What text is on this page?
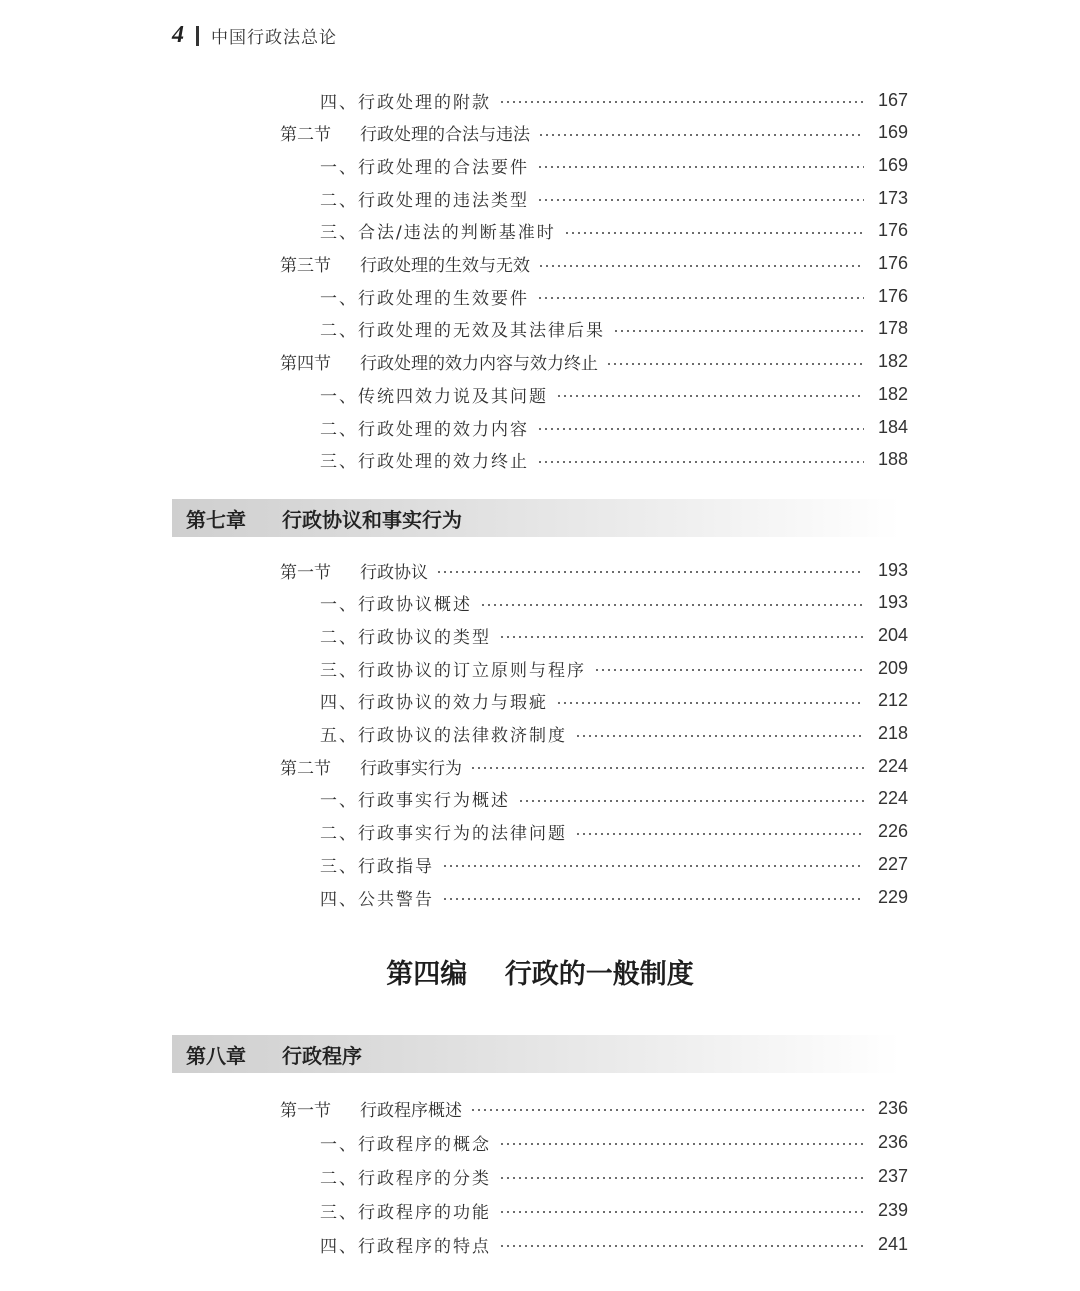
4 中国行政法总论
四、行政处理的附款	167
第二节 行政处理的合法与违法	169
一、行政处理的合法要件	169
二、行政处理的违法类型	173
三、合法/违法的判断基准时	176
第三节 行政处理的生效与无效	176
一、行政处理的生效要件	176
二、行政处理的无效及其法律后果	178
第四节 行政处理的效力内容与效力终止	182
一、传统四效力说及其问题	182
二、行政处理的效力内容	184
三、行政处理的效力终止	188
第七章	行政协议和事实行为
第一节 行政协议	193
一、行政协议概述	193
二、行政协议的类型	204
三、行政协议的订立原则与程序	209
四、行政协议的效力与瑕疵	212
五、行政协议的法律救济制度	218
第二节 行政事实行为	224
一、行政事实行为概述	224
二、行政事实行为的法律问题	226
三、行政指导	227
四、公共警告	229
第四编 行政的一般制度
第八章	行政程序
第一节 行政程序概述	236
一、行政程序的概念	236
二、行政程序的分类	237
三、行政程序的功能	239
四、行政程序的特点	241
